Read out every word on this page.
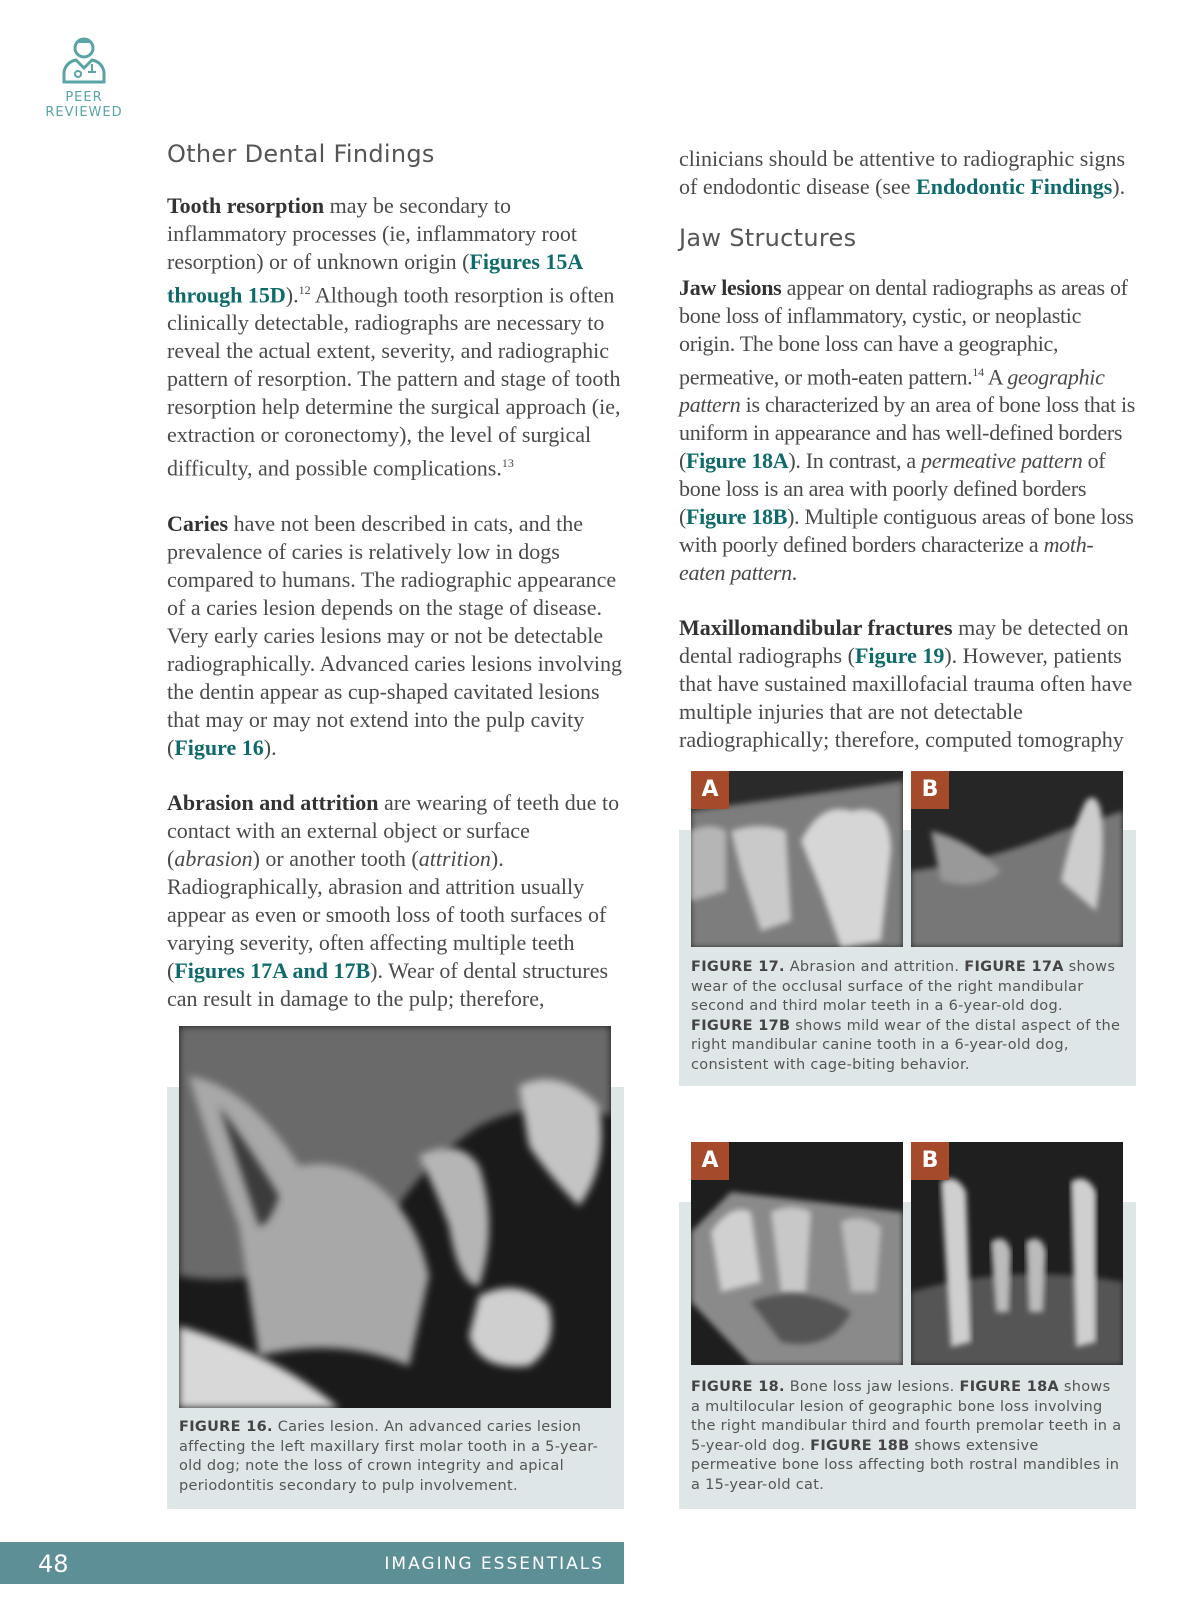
PEER
REVIEWED
Other Dental Findings

Tooth resorption may be secondary to inflammatory processes (ie, inflammatory root resorption) or of unknown origin (Figures 15A through 15D).$^{12}$ Although tooth resorption is often clinically detectable, radiographs are necessary to reveal the actual extent, severity, and radiographic pattern of resorption. The pattern and stage of tooth resorption help determine the surgical approach (ie, extraction or coronectomy), the level of surgical difficulty, and possible complications.$^{13}$

Caries have not been described in cats, and the prevalence of caries is relatively low in dogs compared to humans. The radiographic appearance of a caries lesion depends on the stage of disease. Very early caries lesions may or not be detectable radiographically. Advanced caries lesions involving the dentin appear as cup-shaped cavitated lesions that may or may not extend into the pulp cavity (Figure 16).

Abrasion and attrition are wearing of teeth due to contact with an external object or surface (abrasion) or another tooth (attrition). Radiographically, abrasion and attrition usually appear as even or smooth loss of tooth surfaces of varying severity, often affecting multiple teeth (Figures 17A and 17B). Wear of dental structures can result in damage to the pulp; therefore,

FIGURE 16. Caries lesion. An advanced caries lesion affecting the left maxillary first molar tooth in a 5-year-old dog; note the loss of crown integrity and apical periodontitis secondary to pulp involvement.

clinicians should be attentive to radiographic signs of endodontic disease (see Endodontic Findings).

Jaw Structures

Jaw lesions appear on dental radiographs as areas of bone loss of inflammatory, cystic, or neoplastic origin. The bone loss can have a geographic, permeative, or moth-eaten pattern.$^{14}$ A geographic pattern is characterized by an area of bone loss that is uniform in appearance and has well-defined borders (Figure 18A). In contrast, a permeative pattern of bone loss is an area with poorly defined borders (Figure 18B). Multiple contiguous areas of bone loss with poorly defined borders characterize a moth-eaten pattern.

Maxillomandibular fractures may be detected on dental radiographs (Figure 19). However, patients that have sustained maxillofacial trauma often have multiple injuries that are not detectable radiographically; therefore, computed tomography

A	B
FIGURE 17. Abrasion and attrition. FIGURE 17A shows wear of the occlusal surface of the right mandibular second and third molar teeth in a 6-year-old dog. FIGURE 17B shows mild wear of the distal aspect of the right mandibular canine tooth in a 6-year-old dog, consistent with cage-biting behavior.
A	B
FIGURE 18. Bone loss jaw lesions. FIGURE 18A shows a multilocular lesion of geographic bone loss involving the right mandibular third and fourth premolar teeth in a 5-year-old dog. FIGURE 18B shows extensive permeative bone loss affecting both rostral mandibles in a 15-year-old cat.
48	IMAGING ESSENTIALS
